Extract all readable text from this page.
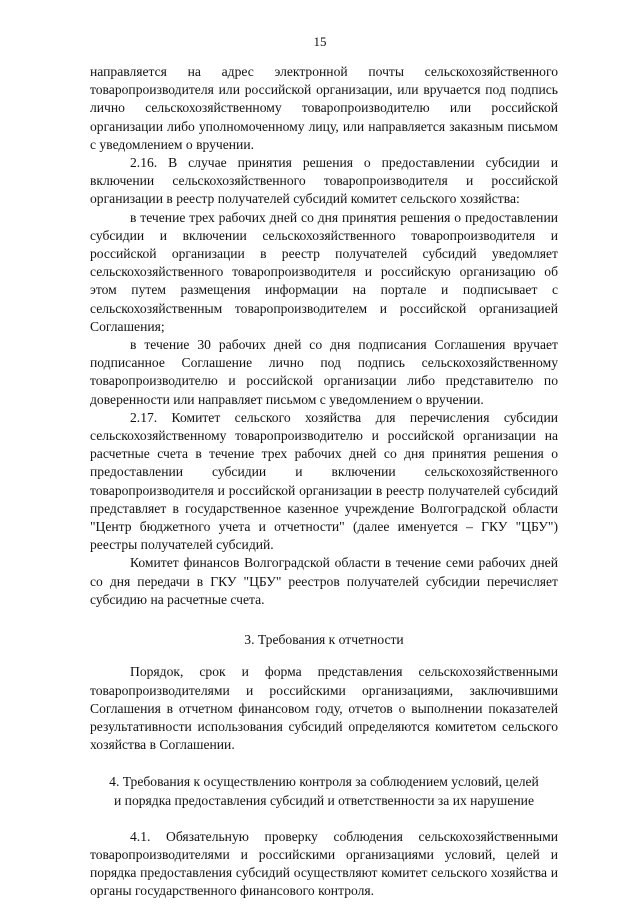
15

направляется на адрес электронной почты сельскохозяйственного товаропроизводителя или российской организации, или вручается под подпись лично сельскохозяйственному товаропроизводителю или российской организации либо уполномоченному лицу, или направляется заказным письмом с уведомлением о вручении.

2.16. В случае принятия решения о предоставлении субсидии и включении сельскохозяйственного товаропроизводителя и российской организации в реестр получателей субсидий комитет сельского хозяйства:

в течение трех рабочих дней со дня принятия решения о предоставлении субсидии и включении сельскохозяйственного товаропроизводителя и российской организации в реестр получателей субсидий уведомляет сельскохозяйственного товаропроизводителя и российскую организацию об этом путем размещения информации на портале и подписывает с сельскохозяйственным товаропроизводителем и российской организацией Соглашения;

в течение 30 рабочих дней со дня подписания Соглашения вручает подписанное Соглашение лично под подпись сельскохозяйственному товаропроизводителю и российской организации либо представителю по доверенности или направляет письмом с уведомлением о вручении.

2.17. Комитет сельского хозяйства для перечисления субсидии сельскохозяйственному товаропроизводителю и российской организации на расчетные счета в течение трех рабочих дней со дня принятия решения о предоставлении субсидии и включении сельскохозяйственного товаропроизводителя и российской организации в реестр получателей субсидий представляет в государственное казенное учреждение Волгоградской области "Центр бюджетного учета и отчетности" (далее именуется – ГКУ "ЦБУ") реестры получателей субсидий.

Комитет финансов Волгоградской области в течение семи рабочих дней со дня передачи в ГКУ "ЦБУ" реестров получателей субсидии перечисляет субсидию на расчетные счета.

3. Требования к отчетности

Порядок, срок и форма представления сельскохозяйственными товаропроизводителями и российскими организациями, заключившими Соглашения в отчетном финансовом году, отчетов о выполнении показателей результативности использования субсидий определяются комитетом сельского хозяйства в Соглашении.

4. Требования к осуществлению контроля за соблюдением условий, целей
и порядка предоставления субсидий и ответственности за их нарушение

4.1. Обязательную проверку соблюдения сельскохозяйственными товаропроизводителями и российскими организациями условий, целей и порядка предоставления субсидий осуществляют комитет сельского хозяйства и органы государственного финансового контроля.
